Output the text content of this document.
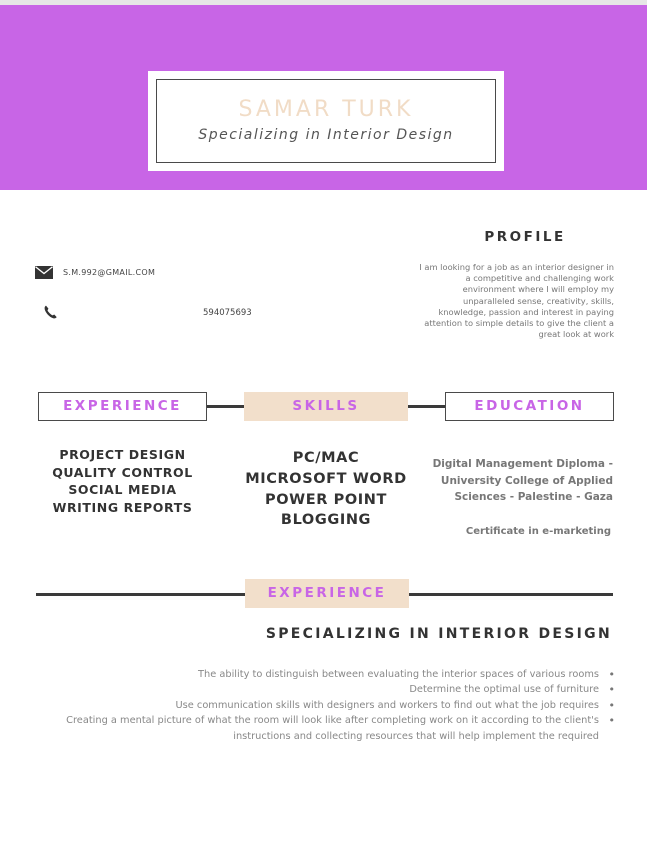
SAMAR TURK
Specializing in Interior Design
S.M.992@GMAIL.COM
594075693
PROFILE
I am looking for a job as an interior designer in a competitive and challenging work environment where I will employ my unparalleled sense, creativity, skills, knowledge, passion and interest in paying attention to simple details to give the client a great look at work
EXPERIENCE	SKILLS	EDUCATION
PROJECT DESIGN
QUALITY CONTROL
SOCIAL MEDIA
WRITING REPORTS
PC/MAC
MICROSOFT WORD
POWER POINT
BLOGGING
Digital Management Diploma -
University College of Applied
Sciences - Palestine - Gaza
Certificate in e-marketing
EXPERIENCE
SPECIALIZING IN INTERIOR DESIGN
The ability to distinguish between evaluating the interior spaces of various rooms •
Determine the optimal use of furniture •
Use communication skills with designers and workers to find out what the job requires •
Creating a mental picture of what the room will look like after completing work on it according to the client's instructions and collecting resources that will help implement the required •
